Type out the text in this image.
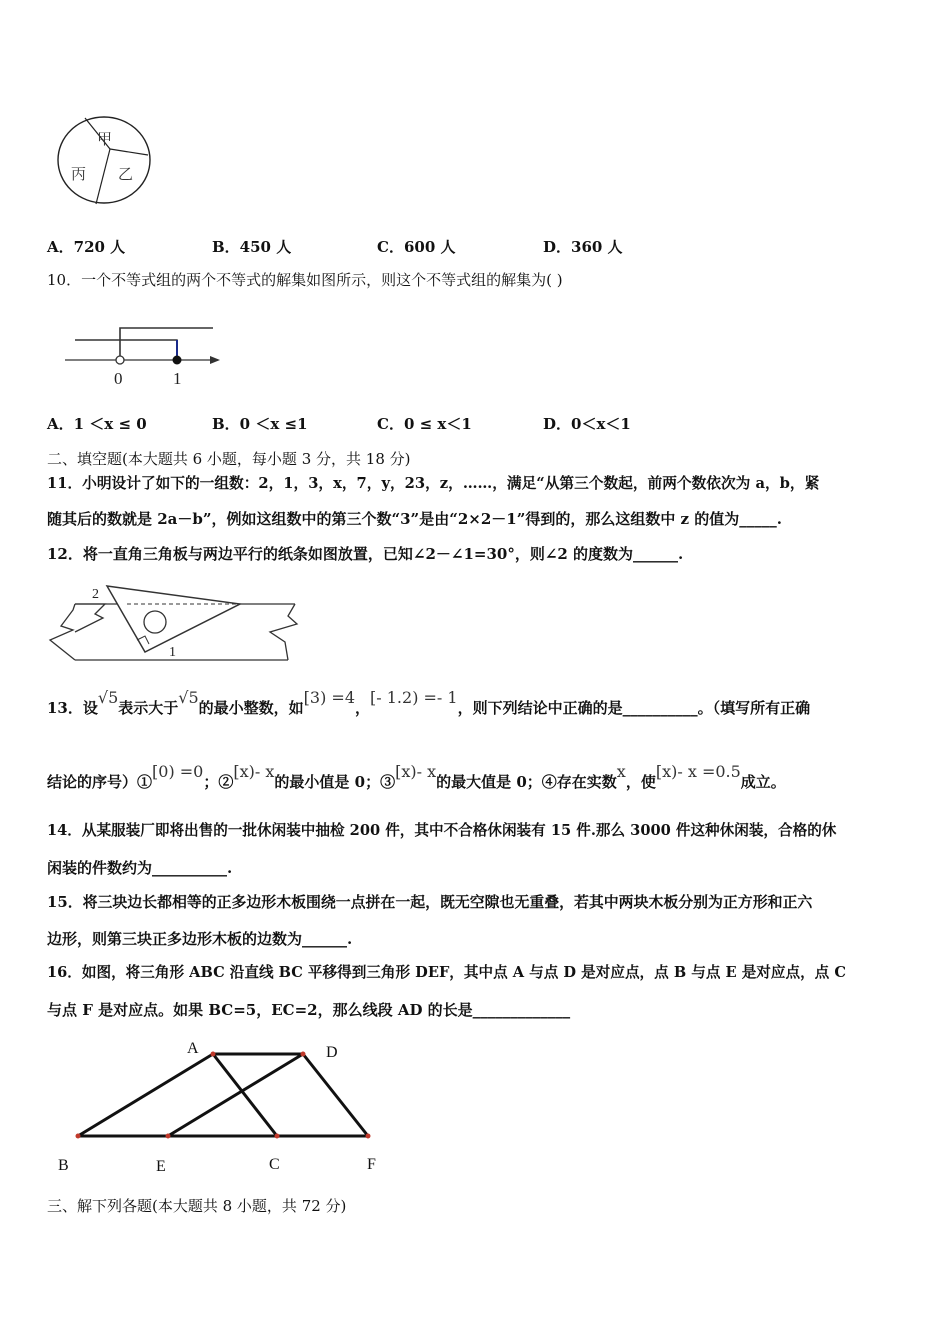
甲
乙
丙
A．720 人	B．450 人	C．600 人	D．360 人
10．一个不等式组的两个不等式的解集如图所示，则这个不等式组的解集为( )
0	1
A．1 ＜x ≤ 0	B．0 ＜x ≤1	C．0 ≤ x＜1	D．0＜x＜1
二、填空题(本大题共 6 小题，每小题 3 分，共 18 分)
11．小明设计了如下的一组数：2，1，3，x，7，y，23，z，……，满足“从第三个数起，前两个数依次为 a，b，紧
随其后的数就是 2a－b”，例如这组数中的第三个数“3”是由“2×2－1”得到的，那么这组数中 z 的值为_____.
12．将一直角三角板与两边平行的纸条如图放置，已知∠2－∠1=30°，则∠2 的度数为______.
2
1
13．设√5表示大于√5的最小整数，如[3) =4，[- 1.2) =- 1，则下列结论中正确的是__________。（填写所有正确
结论的序号）①[0) =0；②[x)- x的最小值是 0；③[x)- x的最大值是 0；④存在实数x，使[x)- x =0.5成立。
14．从某服装厂即将出售的一批休闲装中抽检 200 件，其中不合格休闲装有 15 件.那么 3000 件这种休闲装，合格的休
闲装的件数约为__________.
15．将三块边长都相等的正多边形木板围绕一点拼在一起，既无空隙也无重叠，若其中两块木板分别为正方形和正六
边形，则第三块正多边形木板的边数为______.
16．如图，将三角形 ABC 沿直线 BC 平移得到三角形 DEF，其中点 A 与点 D 是对应点，点 B 与点 E 是对应点，点 C
与点 F 是对应点。如果 BC=5，EC=2，那么线段 AD 的长是_____________
A	D
B	E	C	F
三、解下列各题(本大题共 8 小题，共 72 分)
